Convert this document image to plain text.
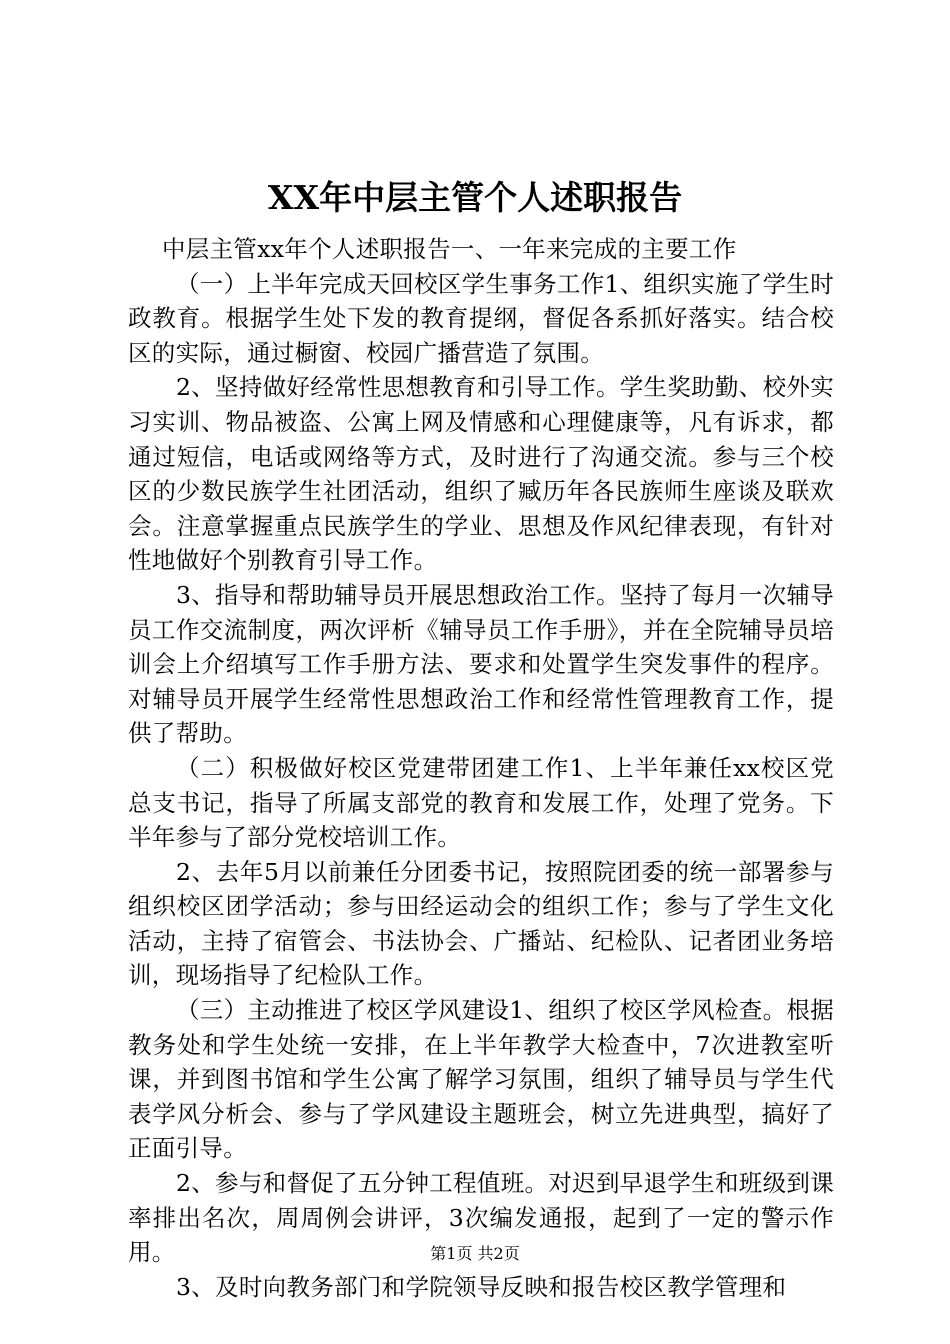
XX年中层主管个人述职报告

中层主管xx年个人述职报告一、一年来完成的主要工作

（一）上半年完成天回校区学生事务工作1、组织实施了学生时政教育。根据学生处下发的教育提纲，督促各系抓好落实。结合校区的实际，通过橱窗、校园广播营造了氛围。

2、坚持做好经常性思想教育和引导工作。学生奖助勤、校外实习实训、物品被盗、公寓上网及情感和心理健康等，凡有诉求，都通过短信，电话或网络等方式，及时进行了沟通交流。参与三个校区的少数民族学生社团活动，组织了臧历年各民族师生座谈及联欢会。注意掌握重点民族学生的学业、思想及作风纪律表现，有针对性地做好个别教育引导工作。

3、指导和帮助辅导员开展思想政治工作。坚持了每月一次辅导员工作交流制度，两次评析《辅导员工作手册》，并在全院辅导员培训会上介绍填写工作手册方法、要求和处置学生突发事件的程序。对辅导员开展学生经常性思想政治工作和经常性管理教育工作，提供了帮助。

（二）积极做好校区党建带团建工作1、上半年兼任xx校区党总支书记，指导了所属支部党的教育和发展工作，处理了党务。下半年参与了部分党校培训工作。

2、去年5月以前兼任分团委书记，按照院团委的统一部署参与组织校区团学活动；参与田经运动会的组织工作；参与了学生文化活动，主持了宿管会、书法协会、广播站、纪检队、记者团业务培训，现场指导了纪检队工作。

（三）主动推进了校区学风建设1、组织了校区学风检查。根据教务处和学生处统一安排，在上半年教学大检查中，7次进教室听课，并到图书馆和学生公寓了解学习氛围，组织了辅导员与学生代表学风分析会、参与了学风建设主题班会，树立先进典型，搞好了正面引导。

2、参与和督促了五分钟工程值班。对迟到早退学生和班级到课率排出名次，周周例会讲评，3次编发通报，起到了一定的警示作用。

3、及时向教务部门和学院领导反映和报告校区教学管理和

第1页 共2页
